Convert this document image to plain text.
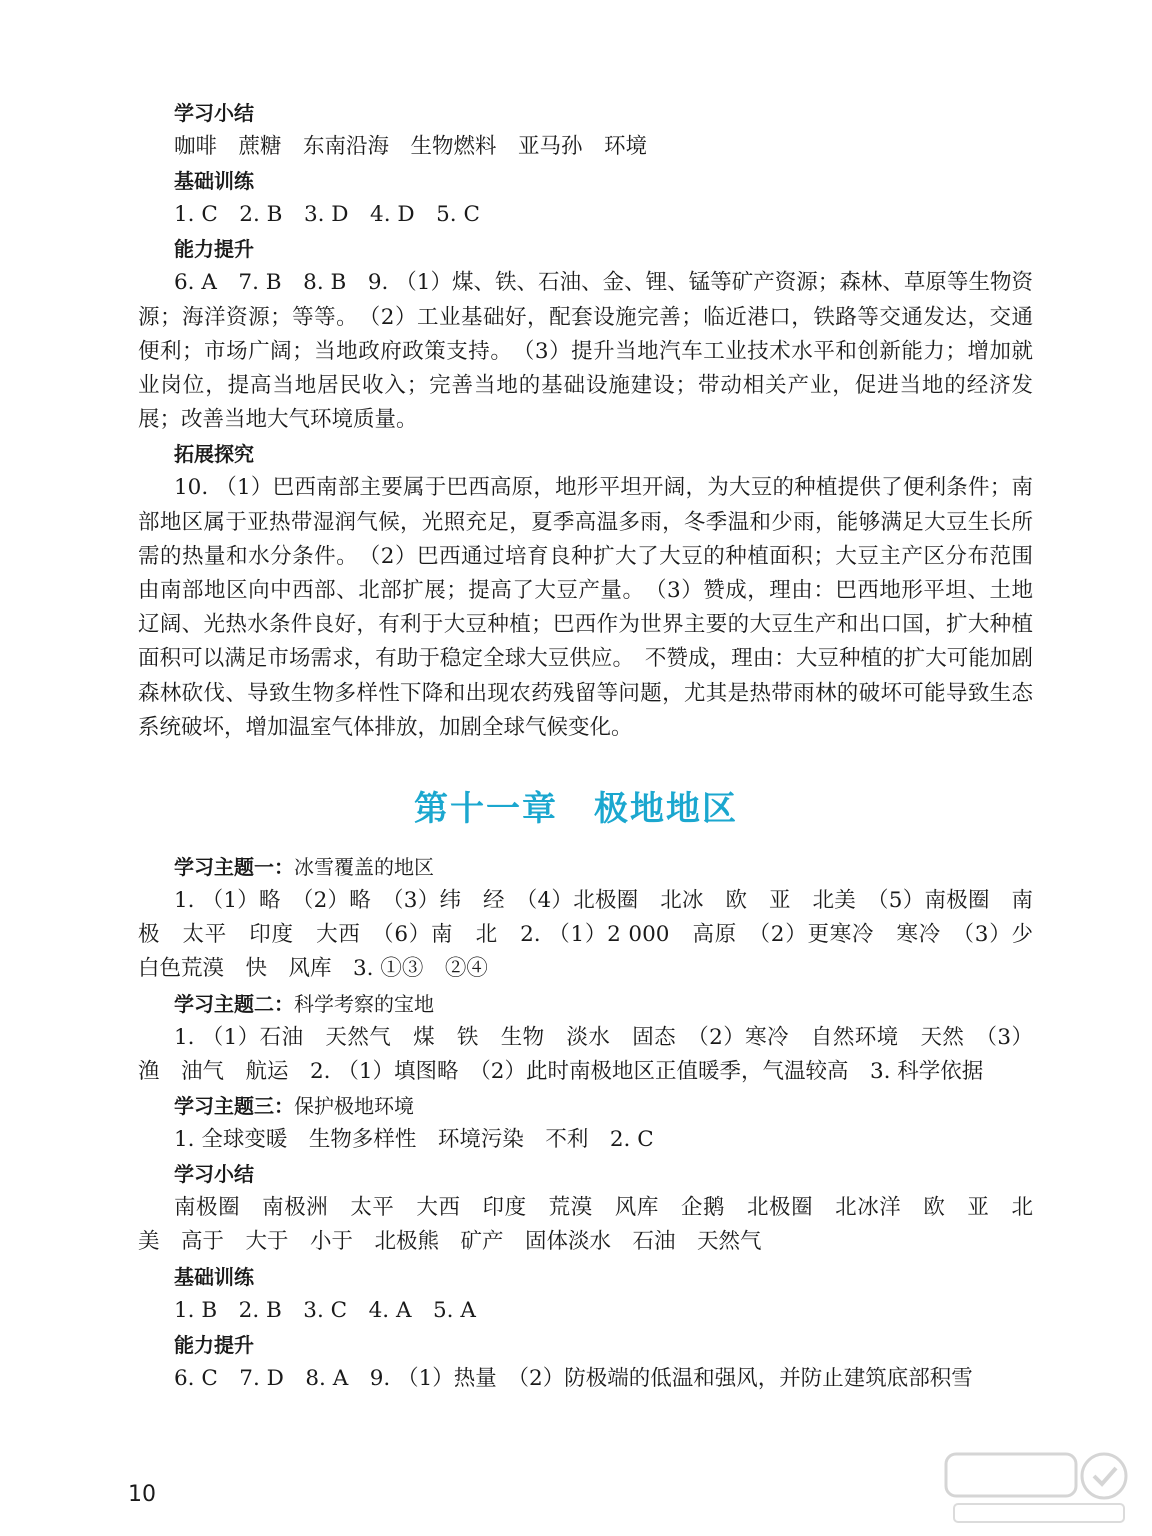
学习小结
咖啡　蔗糖　东南沿海　生物燃料　亚马孙　环境
基础训练
1. C　2. B　3. D　4. D　5. C
能力提升
6. A　7. B　8. B　9. （1）煤、铁、石油、金、锂、锰等矿产资源；森林、草原等生物资源；海洋资源；等等。　（2）工业基础好，配套设施完善；临近港口，铁路等交通发达，交通便利；市场广阔；当地政府政策支持。　（3）提升当地汽车工业技术水平和创新能力；增加就业岗位，提高当地居民收入；完善当地的基础设施建设；带动相关产业，促进当地的经济发展；改善当地大气环境质量。
拓展探究
10. （1）巴西南部主要属于巴西高原，地形平坦开阔，为大豆的种植提供了便利条件；南部地区属于亚热带湿润气候，光照充足，夏季高温多雨，冬季温和少雨，能够满足大豆生长所需的热量和水分条件。　（2）巴西通过培育良种扩大了大豆的种植面积；大豆主产区分布范围由南部地区向中西部、北部扩展；提高了大豆产量。　（3）赞成，理由：巴西地形平坦、土地辽阔、光热水条件良好，有利于大豆种植；巴西作为世界主要的大豆生产和出口国，扩大种植面积可以满足市场需求，有助于稳定全球大豆供应。　不赞成，理由：大豆种植的扩大可能加剧森林砍伐、导致生物多样性下降和出现农药残留等问题，尤其是热带雨林的破坏可能导致生态系统破坏，增加温室气体排放，加剧全球气候变化。
第十一章　极地地区
学习主题一：冰雪覆盖的地区
1. （1）略　（2）略　（3）纬　经　（4）北极圈　北冰　欧　亚　北美　（5）南极圈　南极　太平　印度　大西　（6）南　北　2. （1）2 000　高原　（2）更寒冷　寒冷　（3）少　白色荒漠　快　风库　3. ①③　②④
学习主题二：科学考察的宝地
1. （1）石油　天然气　煤　铁　生物　淡水　固态　（2）寒冷　自然环境　天然　（3）渔　油气　航运　2. （1）填图略　（2）此时南极地区正值暖季，气温较高　3. 科学依据
学习主题三：保护极地环境
1. 全球变暖　生物多样性　环境污染　不利　2. C
学习小结
南极圈　南极洲　太平　大西　印度　荒漠　风库　企鹅　北极圈　北冰洋　欧　亚　北美　高于　大于　小于　北极熊　矿产　固体淡水　石油　天然气
基础训练
1. B　2. B　3. C　4. A　5. A
能力提升
6. C　7. D　8. A　9. （1）热量　（2）防极端的低温和强风，并防止建筑底部积雪
10
